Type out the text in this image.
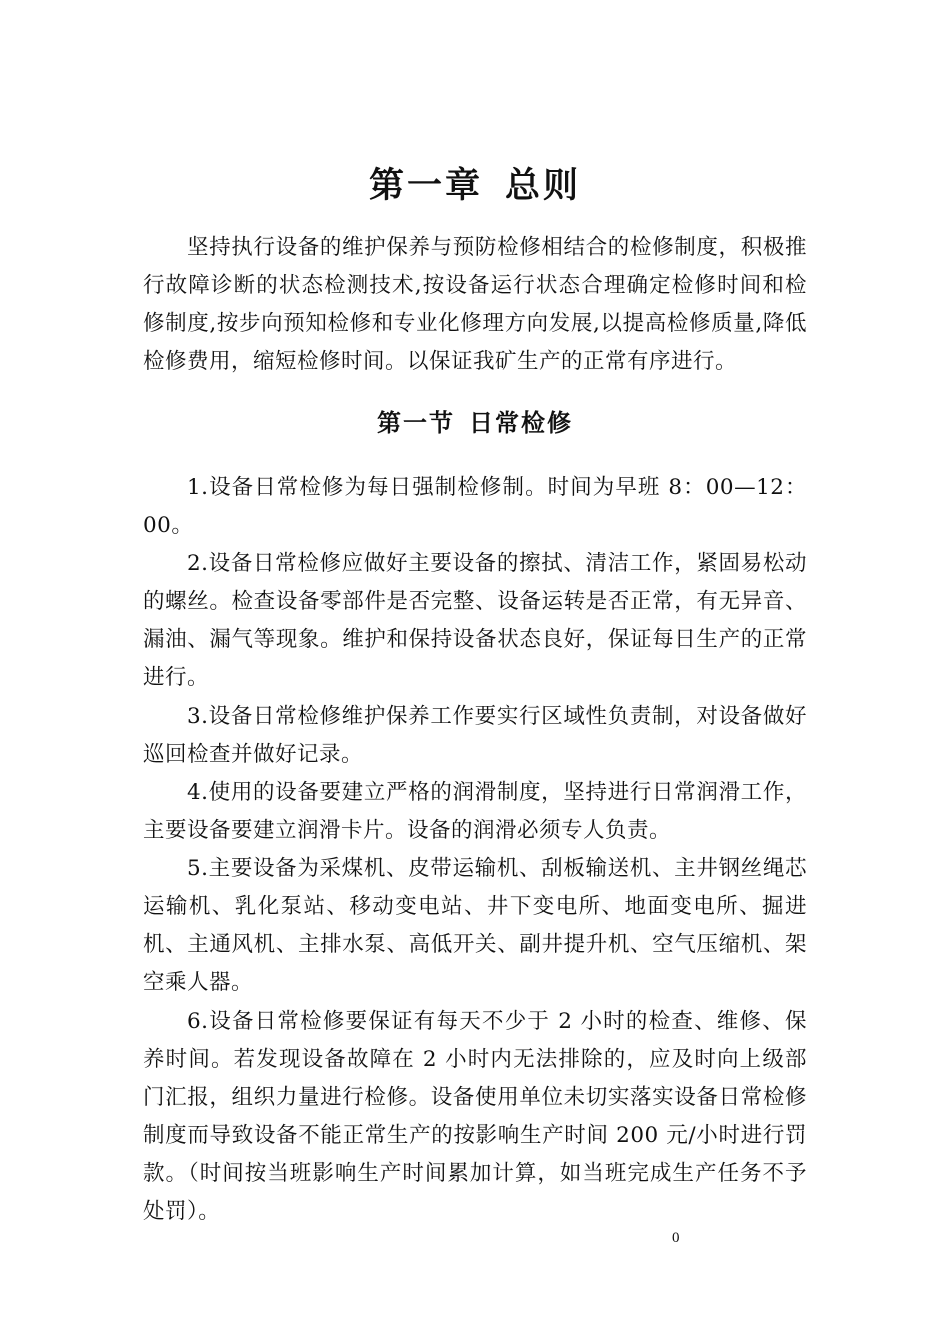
第一章 总则

坚持执行设备的维护保养与预防检修相结合的检修制度，积极推行故障诊断的状态检测技术,按设备运行状态合理确定检修时间和检修制度,按步向预知检修和专业化修理方向发展,以提高检修质量,降低检修费用，缩短检修时间。以保证我矿生产的正常有序进行。

第一节 日常检修

1.设备日常检修为每日强制检修制。时间为早班 8：00—12：00。

2.设备日常检修应做好主要设备的擦拭、清洁工作，紧固易松动的螺丝。检查设备零部件是否完整、设备运转是否正常，有无异音、漏油、漏气等现象。维护和保持设备状态良好，保证每日生产的正常进行。

3.设备日常检修维护保养工作要实行区域性负责制，对设备做好巡回检查并做好记录。

4.使用的设备要建立严格的润滑制度，坚持进行日常润滑工作，主要设备要建立润滑卡片。设备的润滑必须专人负责。

5.主要设备为采煤机、皮带运输机、刮板输送机、主井钢丝绳芯运输机、乳化泵站、移动变电站、井下变电所、地面变电所、掘进机、主通风机、主排水泵、高低开关、副井提升机、空气压缩机、架空乘人器。

6.设备日常检修要保证有每天不少于 2 小时的检查、维修、保养时间。若发现设备故障在 2 小时内无法排除的，应及时向上级部门汇报，组织力量进行检修。设备使用单位未切实落实设备日常检修制度而导致设备不能正常生产的按影响生产时间 200 元/小时进行罚款。（时间按当班影响生产时间累加计算，如当班完成生产任务不予处罚）。

0
